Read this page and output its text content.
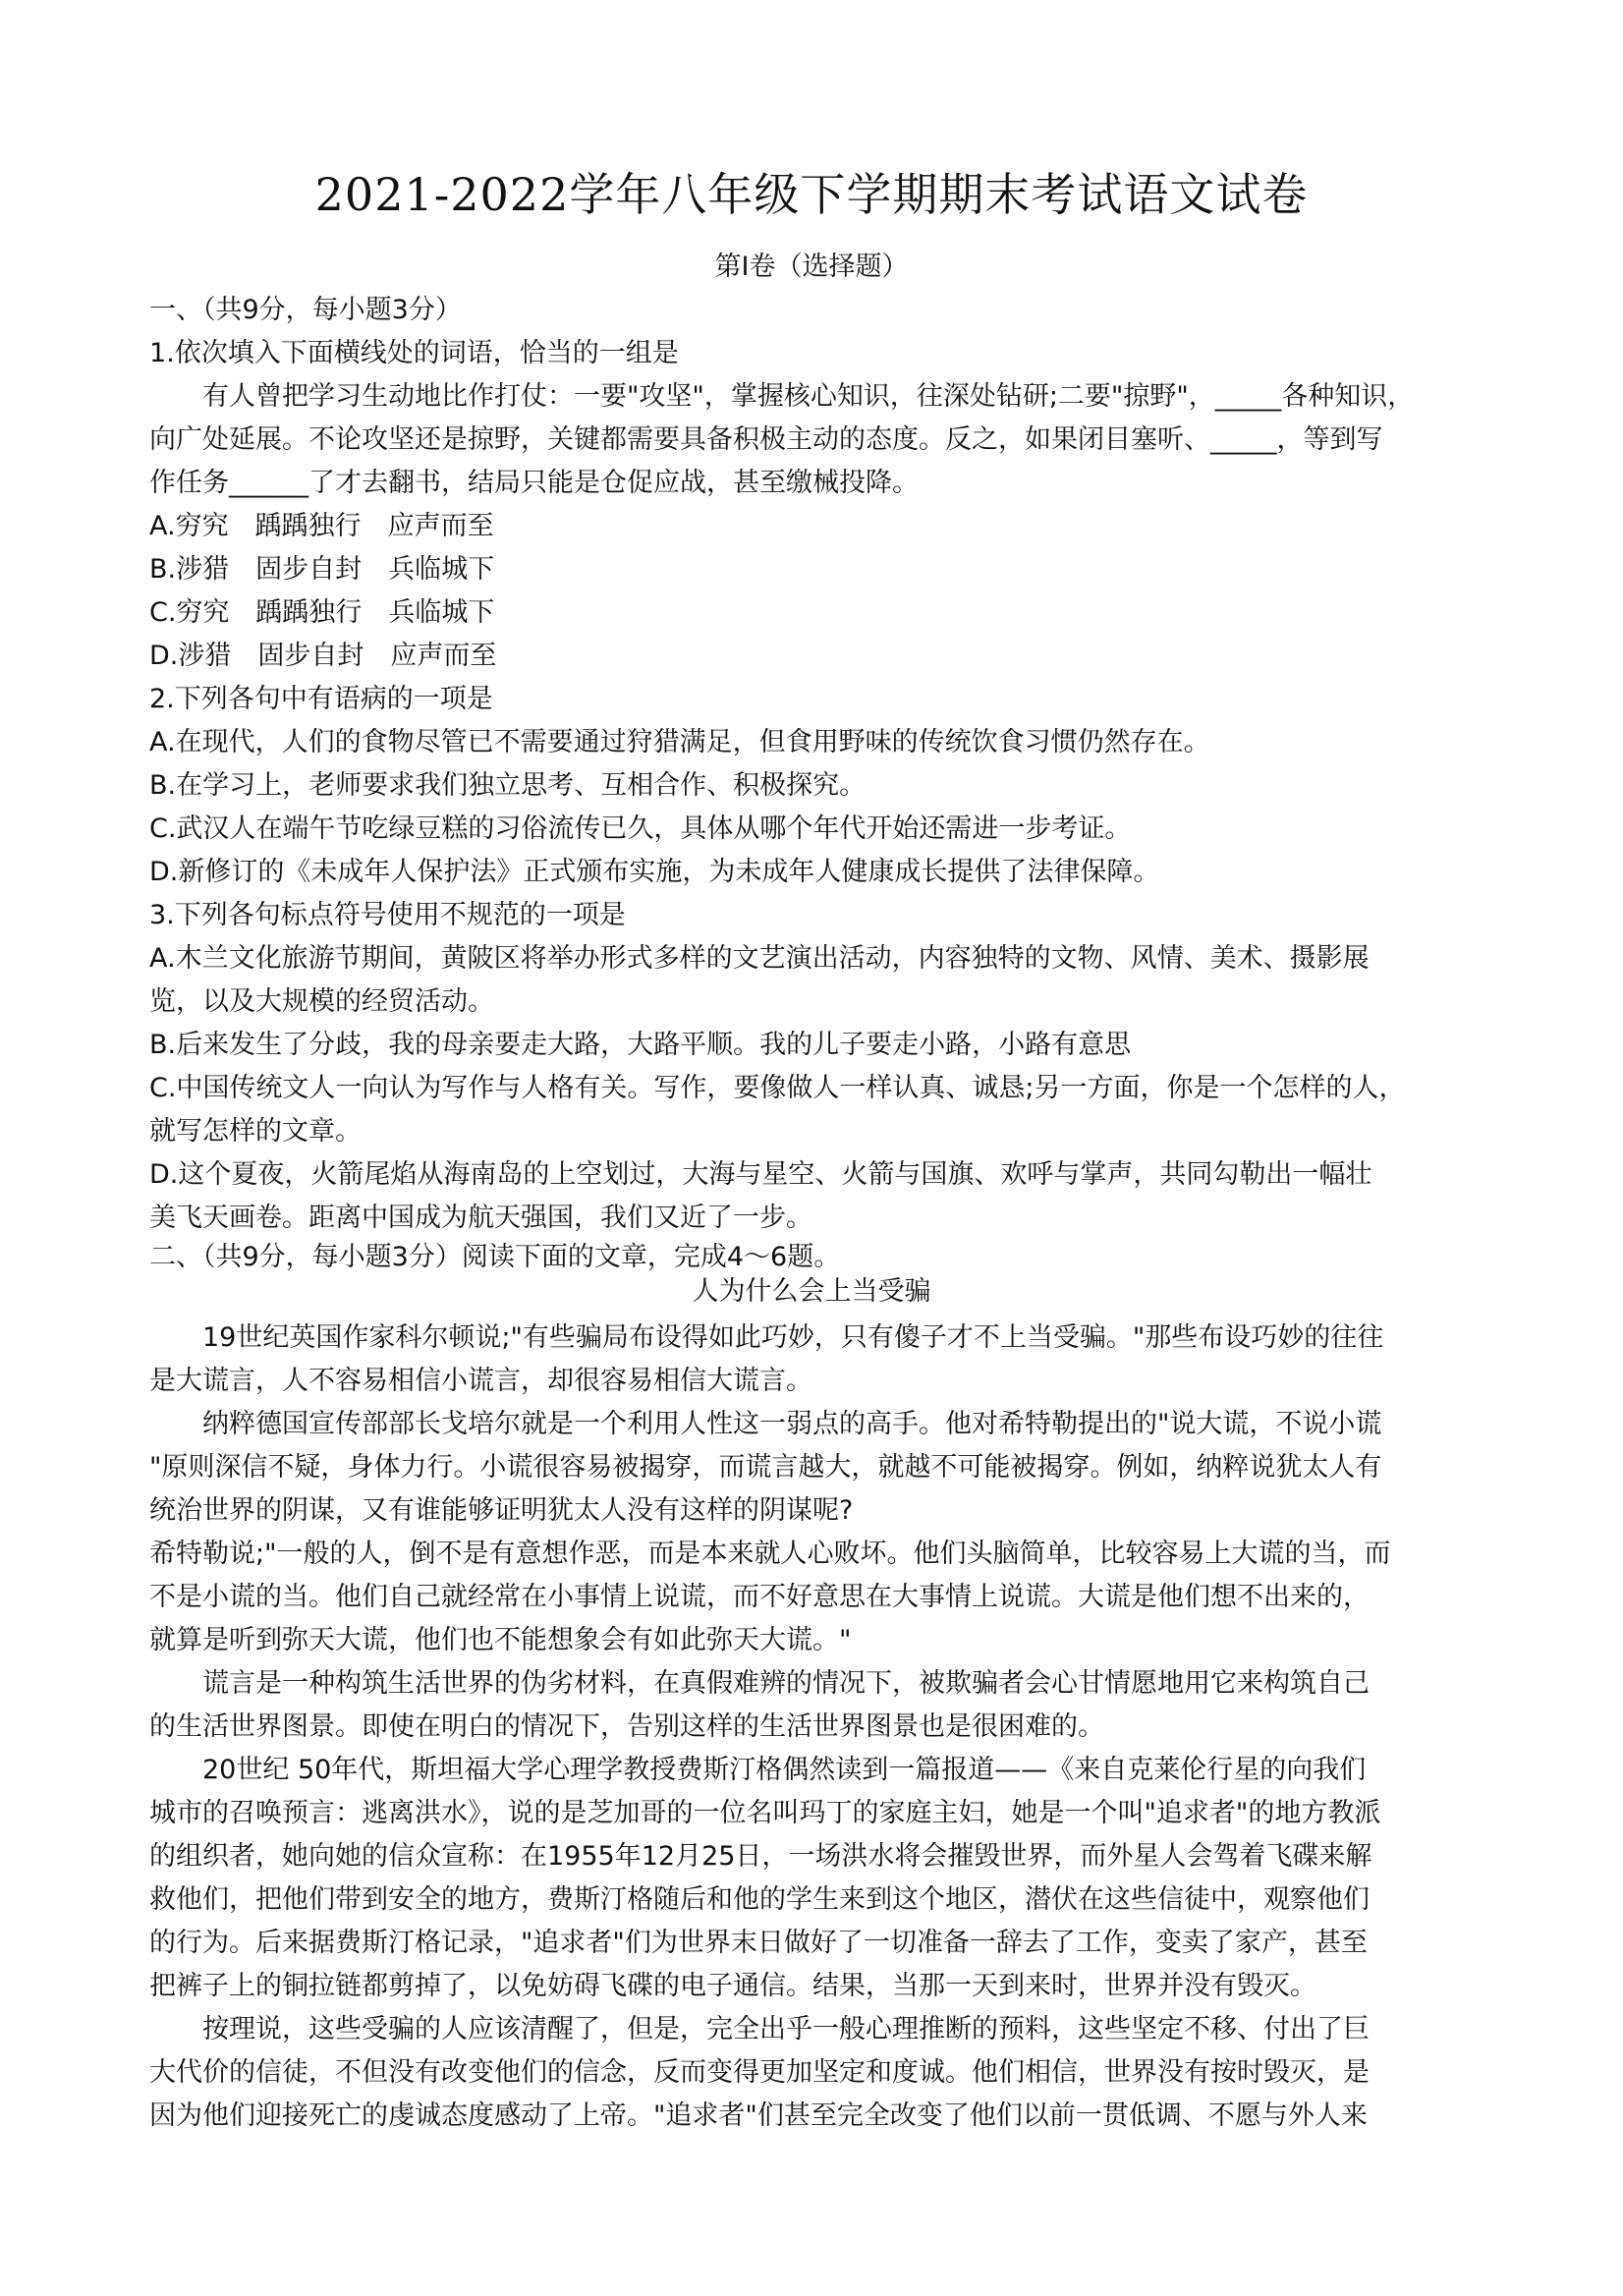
2021-2022学年八年级下学期期末考试语文试卷
第Ⅰ卷（选择题）
一、（共9分，每小题3分）
1.依次填入下面横线处的词语，恰当的一组是
有人曾把学习生动地比作打仗：一要"攻坚"，掌握核心知识，往深处钻研;二要"掠野"，_____各种知识，
向广处延展。不论攻坚还是掠野，关键都需要具备积极主动的态度。反之，如果闭目塞听、_____，等到写
作任务______了才去翻书，结局只能是仓促应战，甚至缴械投降。
A.穷究　踽踽独行　应声而至
B.涉猎　固步自封　兵临城下
C.穷究　踽踽独行　兵临城下
D.涉猎　固步自封　应声而至
2.下列各句中有语病的一项是
A.在现代，人们的食物尽管已不需要通过狩猎满足，但食用野味的传统饮食习惯仍然存在。
B.在学习上，老师要求我们独立思考、互相合作、积极探究。
C.武汉人在端午节吃绿豆糕的习俗流传已久，具体从哪个年代开始还需进一步考证。
D.新修订的《未成年人保护法》正式颁布实施，为未成年人健康成长提供了法律保障。
3.下列各句标点符号使用不规范的一项是
A.木兰文化旅游节期间，黄陂区将举办形式多样的文艺演出活动，内容独特的文物、风情、美术、摄影展
览，以及大规模的经贸活动。
B.后来发生了分歧，我的母亲要走大路，大路平顺。我的儿子要走小路，小路有意思
C.中国传统文人一向认为写作与人格有关。写作，要像做人一样认真、诚恳;另一方面，你是一个怎样的人，
就写怎样的文章。
D.这个夏夜，火箭尾焰从海南岛的上空划过，大海与星空、火箭与国旗、欢呼与掌声，共同勾勒出一幅壮
美飞天画卷。距离中国成为航天强国，我们又近了一步。
二、（共9分，每小题3分）阅读下面的文章，完成4～6题。
人为什么会上当受骗
19世纪英国作家科尔顿说;"有些骗局布设得如此巧妙，只有傻子才不上当受骗。"那些布设巧妙的往往
是大谎言，人不容易相信小谎言，却很容易相信大谎言。
纳粹德国宣传部部长戈培尔就是一个利用人性这一弱点的高手。他对希特勒提出的"说大谎，不说小谎
"原则深信不疑，身体力行。小谎很容易被揭穿，而谎言越大，就越不可能被揭穿。例如，纳粹说犹太人有
统治世界的阴谋，又有谁能够证明犹太人没有这样的阴谋呢?
希特勒说;"一般的人，倒不是有意想作恶，而是本来就人心败坏。他们头脑简单，比较容易上大谎的当，而
不是小谎的当。他们自己就经常在小事情上说谎，而不好意思在大事情上说谎。大谎是他们想不出来的，
就算是听到弥天大谎，他们也不能想象会有如此弥天大谎。"
谎言是一种构筑生活世界的伪劣材料，在真假难辨的情况下，被欺骗者会心甘情愿地用它来构筑自己
的生活世界图景。即使在明白的情况下，告别这样的生活世界图景也是很困难的。
20世纪 50年代，斯坦福大学心理学教授费斯汀格偶然读到一篇报道——《来自克莱伦行星的向我们
城市的召唤预言：逃离洪水》，说的是芝加哥的一位名叫玛丁的家庭主妇，她是一个叫"追求者"的地方教派
的组织者，她向她的信众宣称：在1955年12月25日，一场洪水将会摧毁世界，而外星人会驾着飞碟来解
救他们，把他们带到安全的地方，费斯汀格随后和他的学生来到这个地区，潜伏在这些信徒中，观察他们
的行为。后来据费斯汀格记录，"追求者"们为世界末日做好了一切准备一辞去了工作，变卖了家产，甚至
把裤子上的铜拉链都剪掉了，以免妨碍飞碟的电子通信。结果，当那一天到来时，世界并没有毁灭。
按理说，这些受骗的人应该清醒了，但是，完全出乎一般心理推断的预料，这些坚定不移、付出了巨
大代价的信徒，不但没有改变他们的信念，反而变得更加坚定和度诚。他们相信，世界没有按时毁灭，是
因为他们迎接死亡的虔诚态度感动了上帝。"追求者"们甚至完全改变了他们以前一贯低调、不愿与外人来
